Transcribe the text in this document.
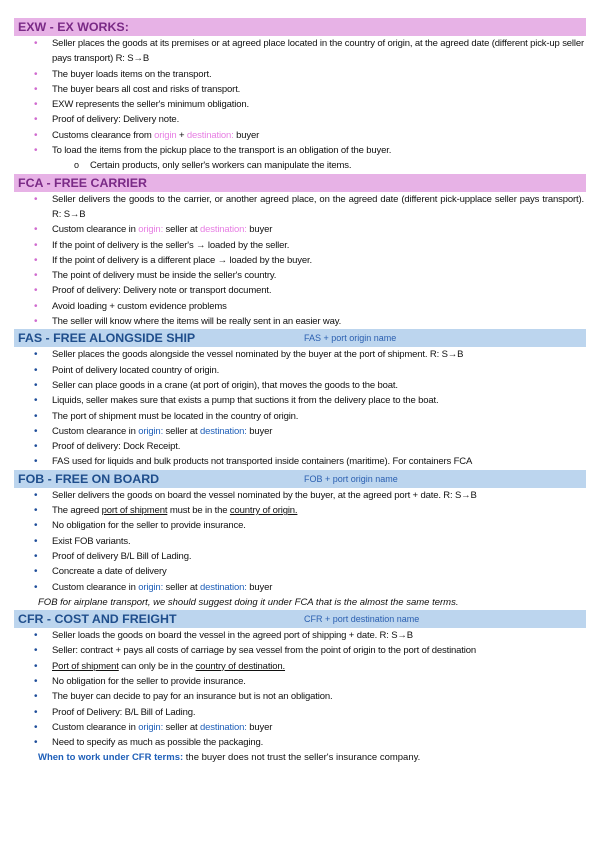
EXW - EX WORKS:
• Seller places the goods at its premises or at agreed place located in the country of origin, at the agreed date (different pick-up seller pays transport) R: S→B
• The buyer loads items on the transport.
• The buyer bears all cost and risks of transport.
• EXW represents the seller's minimum obligation.
• Proof of delivery: Delivery note.
• Customs clearance from origin + destination: buyer
• To load the items from the pickup place to the transport is an obligation of the buyer.
o Certain products, only seller's workers can manipulate the items.
FCA - FREE CARRIER
• Seller delivers the goods to the carrier, or another agreed place, on the agreed date (different pick-upplace seller pays transport). R: S→B
• Custom clearance in origin: seller at destination: buyer
• If the point of delivery is the seller's → loaded by the seller.
• If the point of delivery is a different place → loaded by the buyer.
• The point of delivery must be inside the seller's country.
• Proof of delivery: Delivery note or transport document.
• Avoid loading + custom evidence problems
• The seller will know where the items will be really sent in an easier way.
FAS - FREE ALONGSIDE SHIP	FAS + port origin name
• Seller places the goods alongside the vessel nominated by the buyer at the port of shipment. R: S→B
• Point of delivery located country of origin.
• Seller can place goods in a crane (at port of origin), that moves the goods to the boat.
• Liquids, seller makes sure that exists a pump that suctions it from the delivery place to the boat.
• The port of shipment must be located in the country of origin.
• Custom clearance in origin: seller at destination: buyer
• Proof of delivery: Dock Receipt.
• FAS used for liquids and bulk products not transported inside containers (maritime). For containers FCA
FOB - FREE ON BOARD	FOB + port origin name
• Seller delivers the goods on board the vessel nominated by the buyer, at the agreed port + date. R: S→B
• The agreed port of shipment must be in the country of origin.
• No obligation for the seller to provide insurance.
• Exist FOB variants.
• Proof of delivery B/L Bill of Lading.
• Concreate a date of delivery
• Custom clearance in origin: seller at destination: buyer
FOB for airplane transport, we should suggest doing it under FCA that is the almost the same terms.
CFR - COST AND FREIGHT	CFR + port destination name
• Seller loads the goods on board the vessel in the agreed port of shipping + date. R: S→B
• Seller: contract + pays all costs of carriage by sea vessel from the point of origin to the port of destination
• Port of shipment can only be in the country of destination.
• No obligation for the seller to provide insurance.
• The buyer can decide to pay for an insurance but is not an obligation.
• Proof of Delivery: B/L Bill of Lading.
• Custom clearance in origin: seller at destination: buyer
• Need to specify as much as possible the packaging.
When to work under CFR terms: the buyer does not trust the seller's insurance company.
